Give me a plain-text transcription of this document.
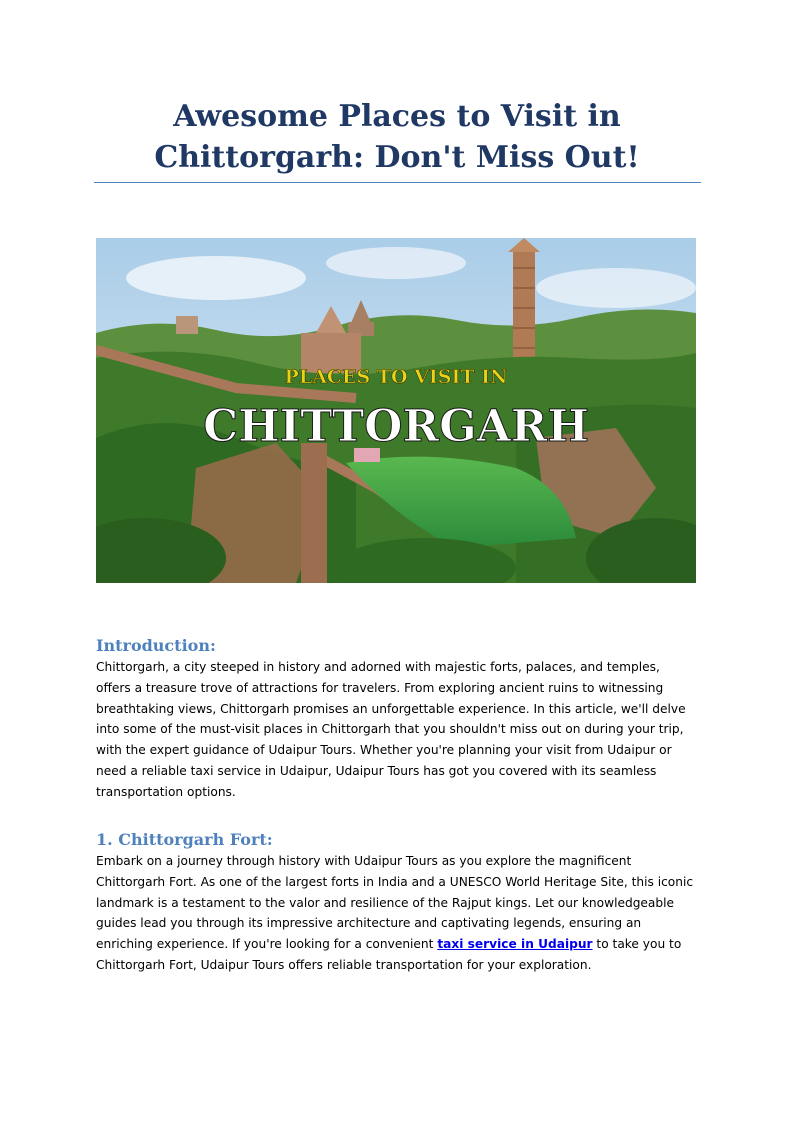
Awesome Places to Visit in
Chittorgarh: Don't Miss Out!
PLACES TO VISIT IN
CHITTORGARH
Introduction:

Chittorgarh, a city steeped in history and adorned with majestic forts, palaces, and temples, offers a treasure trove of attractions for travelers. From exploring ancient ruins to witnessing breathtaking views, Chittorgarh promises an unforgettable experience. In this article, we'll delve into some of the must-visit places in Chittorgarh that you shouldn't miss out on during your trip, with the expert guidance of Udaipur Tours. Whether you're planning your visit from Udaipur or need a reliable taxi service in Udaipur, Udaipur Tours has got you covered with its seamless transportation options.

1. Chittorgarh Fort:

Embark on a journey through history with Udaipur Tours as you explore the magnificent Chittorgarh Fort. As one of the largest forts in India and a UNESCO World Heritage Site, this iconic landmark is a testament to the valor and resilience of the Rajput kings. Let our knowledgeable guides lead you through its impressive architecture and captivating legends, ensuring an enriching experience. If you're looking for a convenient taxi service in Udaipur to take you to Chittorgarh Fort, Udaipur Tours offers reliable transportation for your exploration.
